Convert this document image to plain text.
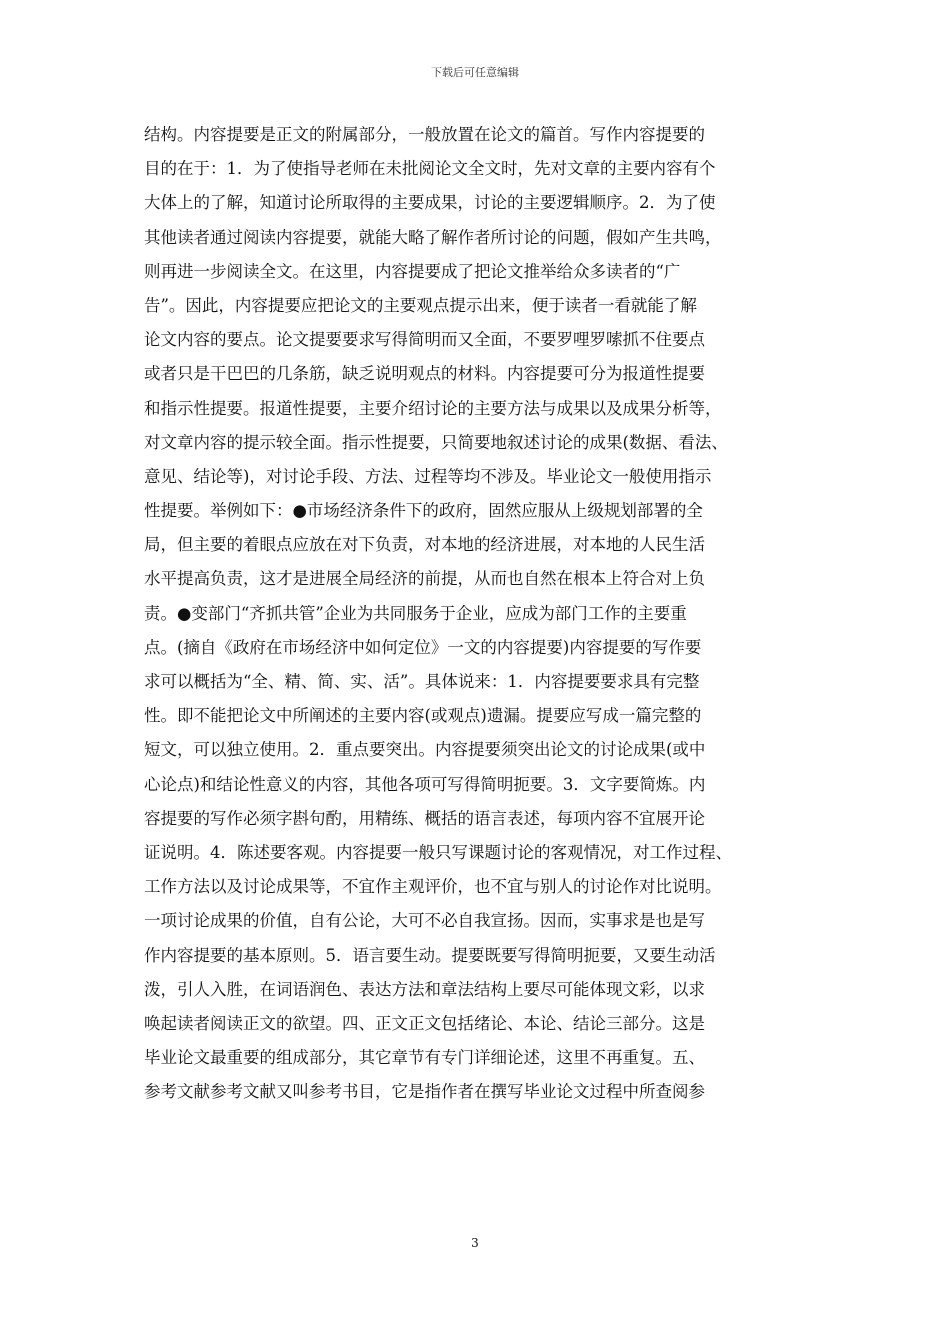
下载后可任意编辑
结构。内容提要是正文的附属部分，一般放置在论文的篇首。写作内容提要的
目的在于：1．为了使指导老师在未批阅论文全文时，先对文章的主要内容有个
大体上的了解，知道讨论所取得的主要成果，讨论的主要逻辑顺序。2．为了使
其他读者通过阅读内容提要，就能大略了解作者所讨论的问题，假如产生共鸣，
则再进一步阅读全文。在这里，内容提要成了把论文推举给众多读者的“广
告”。因此，内容提要应把论文的主要观点提示出来，便于读者一看就能了解
论文内容的要点。论文提要要求写得简明而又全面，不要罗哩罗嗦抓不住要点
或者只是干巴巴的几条筋，缺乏说明观点的材料。内容提要可分为报道性提要
和指示性提要。报道性提要，主要介绍讨论的主要方法与成果以及成果分析等，
对文章内容的提示较全面。指示性提要，只简要地叙述讨论的成果(数据、看法、
意见、结论等)，对讨论手段、方法、过程等均不涉及。毕业论文一般使用指示
性提要。举例如下：●市场经济条件下的政府，固然应服从上级规划部署的全
局，但主要的着眼点应放在对下负责，对本地的经济进展，对本地的人民生活
水平提高负责，这才是进展全局经济的前提，从而也自然在根本上符合对上负
责。●变部门“齐抓共管”企业为共同服务于企业，应成为部门工作的主要重
点。(摘自《政府在市场经济中如何定位》一文的内容提要)内容提要的写作要
求可以概括为“全、精、简、实、活”。具体说来：1．内容提要要求具有完整
性。即不能把论文中所阐述的主要内容(或观点)遗漏。提要应写成一篇完整的
短文，可以独立使用。2．重点要突出。内容提要须突出论文的讨论成果(或中
心论点)和结论性意义的内容，其他各项可写得简明扼要。3．文字要简炼。内
容提要的写作必须字斟句酌，用精练、概括的语言表述，每项内容不宜展开论
证说明。4．陈述要客观。内容提要一般只写课题讨论的客观情况，对工作过程、
工作方法以及讨论成果等，不宜作主观评价，也不宜与别人的讨论作对比说明。
一项讨论成果的价值，自有公论，大可不必自我宣扬。因而，实事求是也是写
作内容提要的基本原则。5．语言要生动。提要既要写得简明扼要，又要生动活
泼，引人入胜，在词语润色、表达方法和章法结构上要尽可能体现文彩，以求
唤起读者阅读正文的欲望。四、正文正文包括绪论、本论、结论三部分。这是
毕业论文最重要的组成部分，其它章节有专门详细论述，这里不再重复。五、
参考文献参考文献又叫参考书目，它是指作者在撰写毕业论文过程中所查阅参
3
